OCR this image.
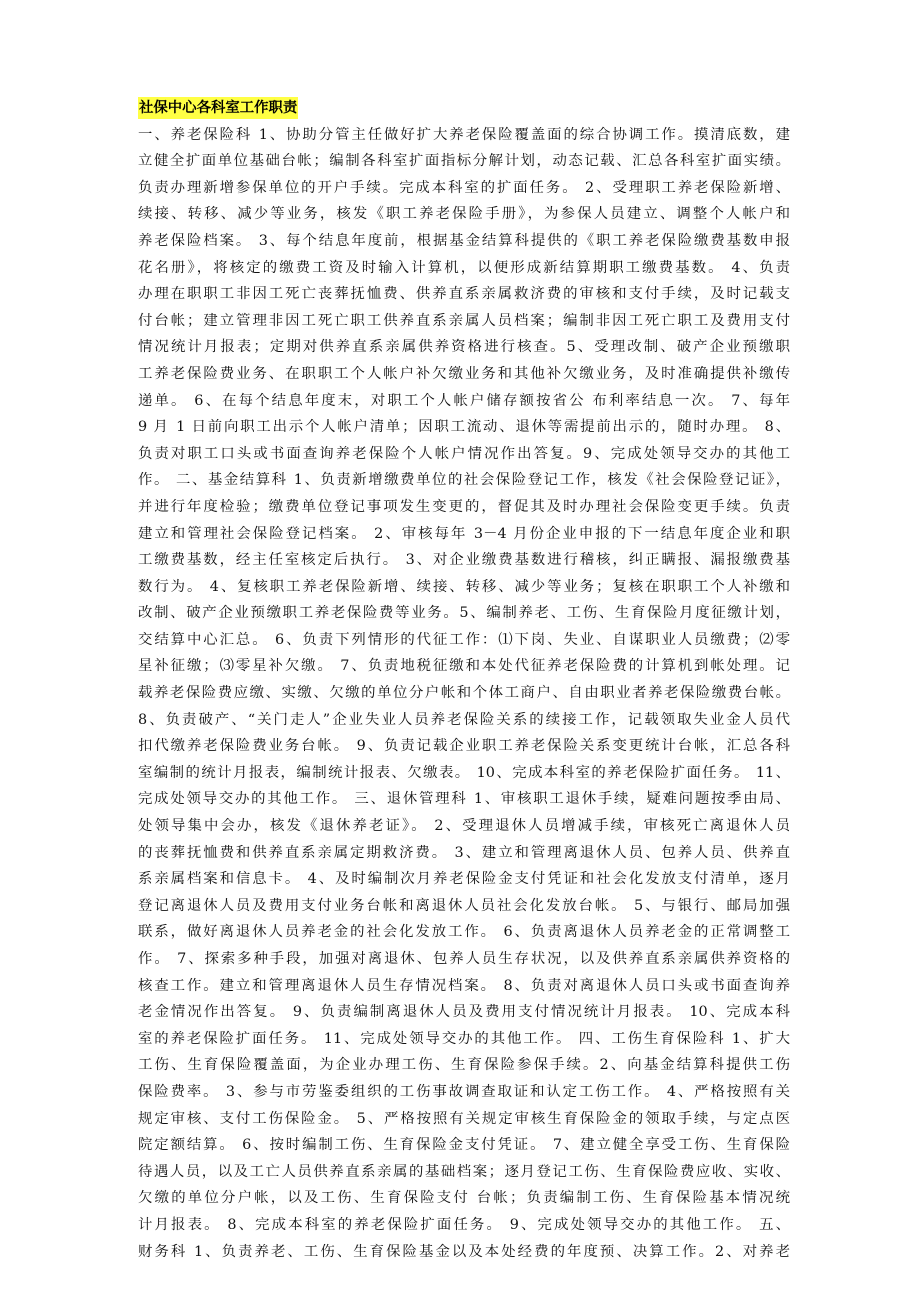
社保中心各科室工作职责
一、养老保险科 1、协助分管主任做好扩大养老保险覆盖面的综合协调工作。摸清底数，建
立健全扩面单位基础台帐；编制各科室扩面指标分解计划，动态记载、汇总各科室扩面实绩。
负责办理新增参保单位的开户手续。完成本科室的扩面任务。 2、受理职工养老保险新增、
续接、转移、减少等业务，核发《职工养老保险手册》，为参保人员建立、调整个人帐户和
养老保险档案。 3、每个结息年度前，根据基金结算科提供的《职工养老保险缴费基数申报
花名册》，将核定的缴费工资及时输入计算机，以便形成新结算期职工缴费基数。 4、负责
办理在职职工非因工死亡丧葬抚恤费、供养直系亲属救济费的审核和支付手续，及时记载支
付台帐；建立管理非因工死亡职工供养直系亲属人员档案；编制非因工死亡职工及费用支付
情况统计月报表；定期对供养直系亲属供养资格进行核查。5、受理改制、破产企业预缴职
工养老保险费业务、在职职工个人帐户补欠缴业务和其他补欠缴业务，及时准确提供补缴传
递单。 6、在每个结息年度末，对职工个人帐户储存额按省公 布利率结息一次。 7、每年
9 月 1 日前向职工出示个人帐户清单；因职工流动、退休等需提前出示的，随时办理。 8、
负责对职工口头或书面查询养老保险个人帐户情况作出答复。9、完成处领导交办的其他工
作。 二、基金结算科 1、负责新增缴费单位的社会保险登记工作，核发《社会保险登记证》，
并进行年度检验；缴费单位登记事项发生变更的，督促其及时办理社会保险变更手续。负责
建立和管理社会保险登记档案。 2、审核每年 3－4 月份企业申报的下一结息年度企业和职
工缴费基数，经主任室核定后执行。 3、对企业缴费基数进行稽核，纠正瞒报、漏报缴费基
数行为。 4、复核职工养老保险新增、续接、转移、减少等业务；复核在职职工个人补缴和
改制、破产企业预缴职工养老保险费等业务。5、编制养老、工伤、生育保险月度征缴计划，
交结算中心汇总。 6、负责下列情形的代征工作：⑴下岗、失业、自谋职业人员缴费；⑵零
星补征缴；⑶零星补欠缴。 7、负责地税征缴和本处代征养老保险费的计算机到帐处理。记
载养老保险费应缴、实缴、欠缴的单位分户帐和个体工商户、自由职业者养老保险缴费台帐。
8、负责破产、“关门走人”企业失业人员养老保险关系的续接工作，记载领取失业金人员代
扣代缴养老保险费业务台帐。 9、负责记载企业职工养老保险关系变更统计台帐，汇总各科
室编制的统计月报表，编制统计报表、欠缴表。 10、完成本科室的养老保险扩面任务。 11、
完成处领导交办的其他工作。 三、退休管理科 1、审核职工退休手续，疑难问题按季由局、
处领导集中会办，核发《退休养老证》。 2、受理退休人员增减手续，审核死亡离退休人员
的丧葬抚恤费和供养直系亲属定期救济费。 3、建立和管理离退休人员、包养人员、供养直
系亲属档案和信息卡。 4、及时编制次月养老保险金支付凭证和社会化发放支付清单，逐月
登记离退休人员及费用支付业务台帐和离退休人员社会化发放台帐。 5、与银行、邮局加强
联系，做好离退休人员养老金的社会化发放工作。 6、负责离退休人员养老金的正常调整工
作。 7、探索多种手段，加强对离退休、包养人员生存状况，以及供养直系亲属供养资格的
核查工作。建立和管理离退休人员生存情况档案。 8、负责对离退休人员口头或书面查询养
老金情况作出答复。 9、负责编制离退休人员及费用支付情况统计月报表。 10、完成本科
室的养老保险扩面任务。 11、完成处领导交办的其他工作。 四、工伤生育保险科 1、扩大
工伤、生育保险覆盖面，为企业办理工伤、生育保险参保手续。2、向基金结算科提供工伤
保险费率。 3、参与市劳鉴委组织的工伤事故调查取证和认定工伤工作。 4、严格按照有关
规定审核、支付工伤保险金。 5、严格按照有关规定审核生育保险金的领取手续，与定点医
院定额结算。 6、按时编制工伤、生育保险金支付凭证。 7、建立健全享受工伤、生育保险
待遇人员，以及工亡人员供养直系亲属的基础档案；逐月登记工伤、生育保险费应收、实收、
欠缴的单位分户帐，以及工伤、生育保险支付 台帐；负责编制工伤、生育保险基本情况统
计月报表。 8、完成本科室的养老保险扩面任务。 9、完成处领导交办的其他工作。 五、
财务科 1、负责养老、工伤、生育保险基金以及本处经费的年度预、决算工作。2、对养老
